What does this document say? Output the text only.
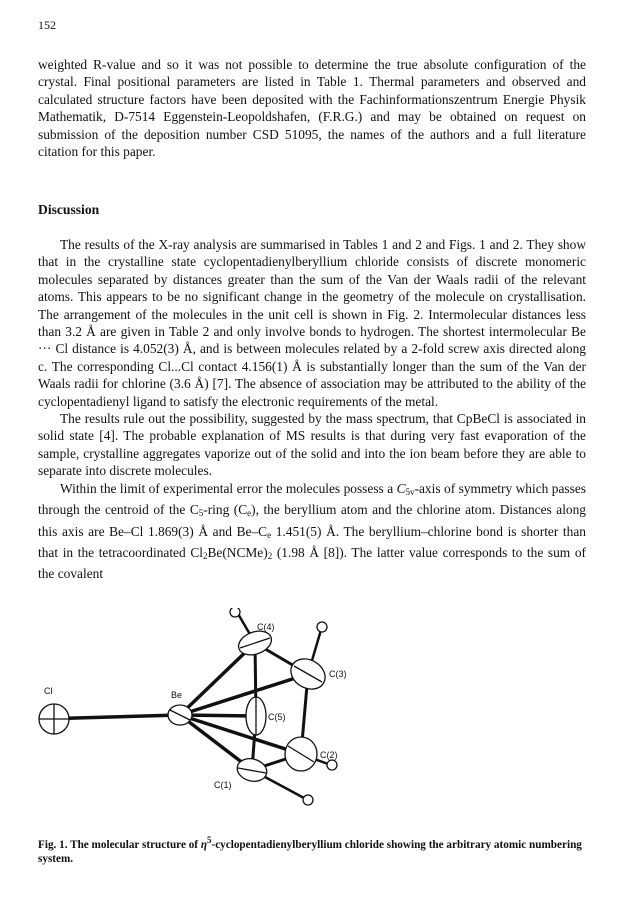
152

weighted R-value and so it was not possible to determine the true absolute configuration of the crystal. Final positional parameters are listed in Table 1. Thermal parameters and observed and calculated structure factors have been deposited with the Fachinformationszentrum Energie Physik Mathematik, D-7514 Eggenstein-Leopoldshafen, (F.R.G.) and may be obtained on request on submission of the deposition number CSD 51095, the names of the authors and a full literature citation for this paper.

Discussion

The results of the X-ray analysis are summarised in Tables 1 and 2 and Figs. 1 and 2. They show that in the crystalline state cyclopentadienylberyllium chloride consists of discrete monomeric molecules separated by distances greater than the sum of the Van der Waals radii of the relevant atoms. This appears to be no significant change in the geometry of the molecule on crystallisation. The arrangement of the molecules in the unit cell is shown in Fig. 2. Intermolecular distances less than 3.2 Å are given in Table 2 and only involve bonds to hydrogen. The shortest intermolecular Be ··· Cl distance is 4.052(3) Å, and is between molecules related by a 2-fold screw axis directed along c. The corresponding Cl...Cl contact 4.156(1) Å is substantially longer than the sum of the Van der Waals radii for chlorine (3.6 Å) [7]. The absence of association may be attributed to the ability of the cyclopentadienyl ligand to satisfy the electronic requirements of the metal.

The results rule out the possibility, suggested by the mass spectrum, that CpBeCl is associated in solid state [4]. The probable explanation of MS results is that during very fast evaporation of the sample, crystalline aggregates vaporize out of the solid and into the ion beam before they are able to separate into discrete molecules.

Within the limit of experimental error the molecules possess a $C_{5v}$-axis of symmetry which passes through the centroid of the $C_5$-ring $(C_e)$, the beryllium atom and the chlorine atom. Distances along this axis are Be–Cl 1.869(3) Å and $Be-C_e$ 1.451(5) Å. The beryllium–chlorine bond is shorter than that in the tetracoordinated $Cl_2Be(NCMe)_2$ (1.98 Å [8]). The latter value corresponds to the sum of the covalent

Cl	Be
C(4)
C(3)
C(5)
C(2)
C(1)
Fig. 1. The molecular structure of $\eta^5$-cyclopentadienylberyllium chloride showing the arbitrary atomic numbering system.
